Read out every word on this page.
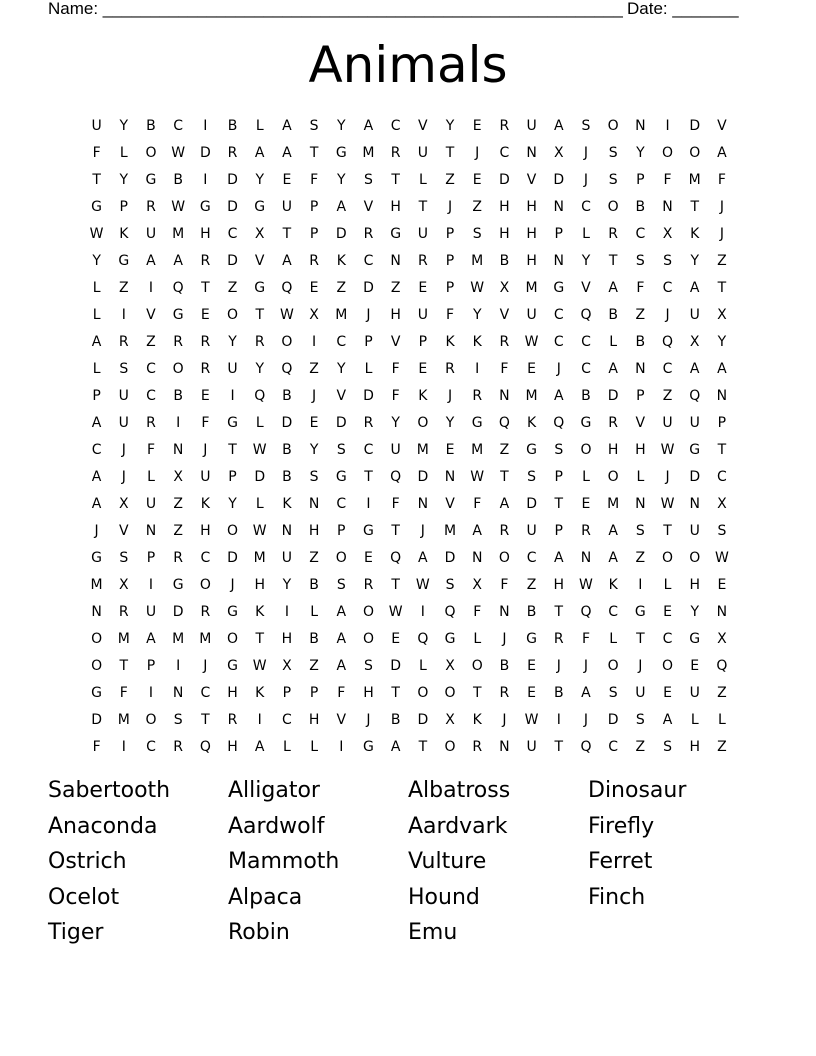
Name: _______________________________________________________ Date: _______
Animals
U	Y	B	C	I	B	L	A	S	Y	A	C	V	Y	E	R	U	A	S	O	N	I	D	V
F	L	O	W	D	R	A	A	T	G	M	R	U	T	J	C	N	X	J	S	Y	O	O	A
T	Y	G	B	I	D	Y	E	F	Y	S	T	L	Z	E	D	V	D	J	S	P	F	M	F
G	P	R	W	G	D	G	U	P	A	V	H	T	J	Z	H	H	N	C	O	B	N	T	J
W	K	U	M	H	C	X	T	P	D	R	G	U	P	S	H	H	P	L	R	C	X	K	J
Y	G	A	A	R	D	V	A	R	K	C	N	R	P	M	B	H	N	Y	T	S	S	Y	Z
L	Z	I	Q	T	Z	G	Q	E	Z	D	Z	E	P	W	X	M	G	V	A	F	C	A	T
L	I	V	G	E	O	T	W	X	M	J	H	U	F	Y	V	U	C	Q	B	Z	J	U	X
A	R	Z	R	R	Y	R	O	I	C	P	V	P	K	K	R	W	C	C	L	B	Q	X	Y
L	S	C	O	R	U	Y	Q	Z	Y	L	F	E	R	I	F	E	J	C	A	N	C	A	A
P	U	C	B	E	I	Q	B	J	V	D	F	K	J	R	N	M	A	B	D	P	Z	Q	N
A	U	R	I	F	G	L	D	E	D	R	Y	O	Y	G	Q	K	Q	G	R	V	U	U	P
C	J	F	N	J	T	W	B	Y	S	C	U	M	E	M	Z	G	S	O	H	H	W	G	T
A	J	L	X	U	P	D	B	S	G	T	Q	D	N	W	T	S	P	L	O	L	J	D	C
A	X	U	Z	K	Y	L	K	N	C	I	F	N	V	F	A	D	T	E	M	N	W	N	X
J	V	N	Z	H	O	W	N	H	P	G	T	J	M	A	R	U	P	R	A	S	T	U	S
G	S	P	R	C	D	M	U	Z	O	E	Q	A	D	N	O	C	A	N	A	Z	O	O	W
M	X	I	G	O	J	H	Y	B	S	R	T	W	S	X	F	Z	H	W	K	I	L	H	E
N	R	U	D	R	G	K	I	L	A	O	W	I	Q	F	N	B	T	Q	C	G	E	Y	N
O	M	A	M	M	O	T	H	B	A	O	E	Q	G	L	J	G	R	F	L	T	C	G	X
O	T	P	I	J	G	W	X	Z	A	S	D	L	X	O	B	E	J	J	O	J	O	E	Q
G	F	I	N	C	H	K	P	P	F	H	T	O	O	T	R	E	B	A	S	U	E	U	Z
D	M	O	S	T	R	I	C	H	V	J	B	D	X	K	J	W	I	J	D	S	A	L	L
F	I	C	R	Q	H	A	L	L	I	G	A	T	O	R	N	U	T	Q	C	Z	S	H	Z
Sabertooth	Alligator	Albatross	Dinosaur
Anaconda	Aardwolf	Aardvark	Firefly
Ostrich	Mammoth	Vulture	Ferret
Ocelot	Alpaca	Hound	Finch
Tiger	Robin	Emu
